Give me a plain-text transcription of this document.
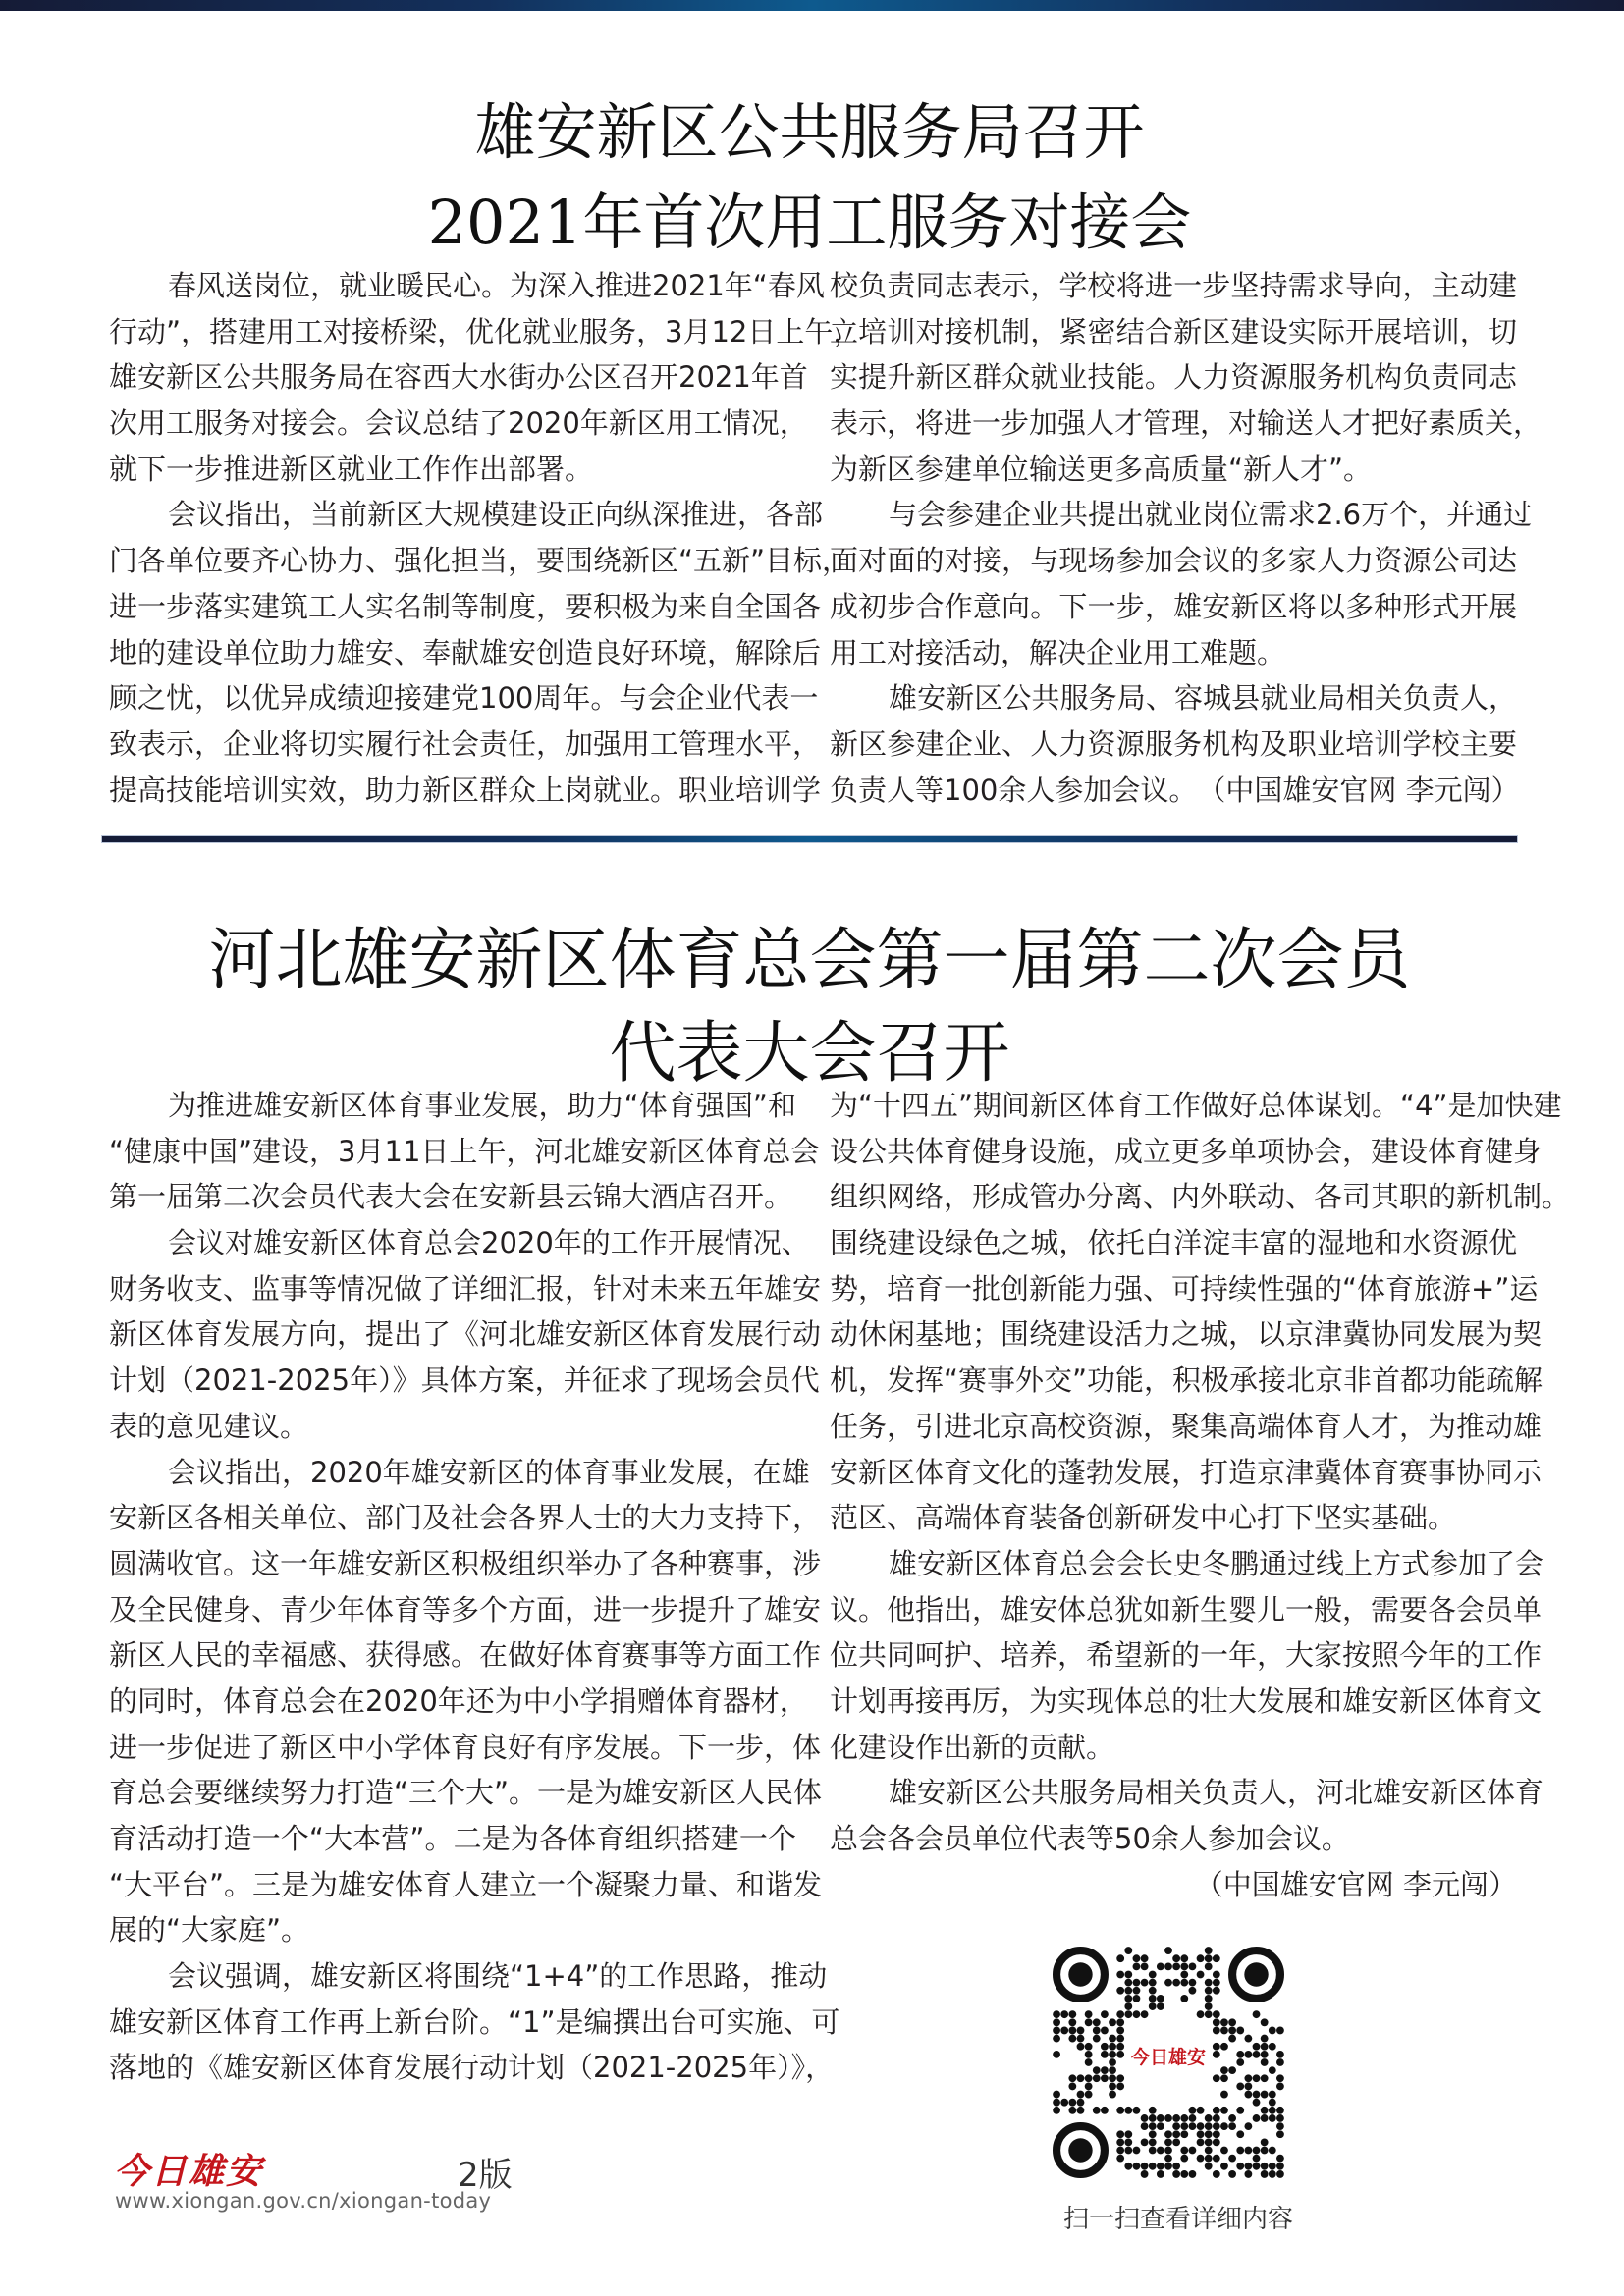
雄安新区公共服务局召开
2021年首次用工服务对接会
春风送岗位，就业暖民心。为深入推进2021年“春风
行动”，搭建用工对接桥梁，优化就业服务，3月12日上午，
雄安新区公共服务局在容西大水街办公区召开2021年首
次用工服务对接会。会议总结了2020年新区用工情况，
就下一步推进新区就业工作作出部署。
会议指出，当前新区大规模建设正向纵深推进，各部
门各单位要齐心协力、强化担当，要围绕新区“五新”目标，
进一步落实建筑工人实名制等制度，要积极为来自全国各
地的建设单位助力雄安、奉献雄安创造良好环境，解除后
顾之忧，以优异成绩迎接建党100周年。与会企业代表一
致表示，企业将切实履行社会责任，加强用工管理水平，
提高技能培训实效，助力新区群众上岗就业。职业培训学
校负责同志表示，学校将进一步坚持需求导向，主动建
立培训对接机制，紧密结合新区建设实际开展培训，切
实提升新区群众就业技能。人力资源服务机构负责同志
表示，将进一步加强人才管理，对输送人才把好素质关，
为新区参建单位输送更多高质量“新人才”。
与会参建企业共提出就业岗位需求2.6万个，并通过
面对面的对接，与现场参加会议的多家人力资源公司达
成初步合作意向。下一步，雄安新区将以多种形式开展
用工对接活动，解决企业用工难题。
雄安新区公共服务局、容城县就业局相关负责人，
新区参建企业、人力资源服务机构及职业培训学校主要
负责人等100余人参加会议。 （中国雄安官网 李元闯）
河北雄安新区体育总会第一届第二次会员
代表大会召开
为推进雄安新区体育事业发展，助力“体育强国”和
“健康中国”建设，3月11日上午，河北雄安新区体育总会
第一届第二次会员代表大会在安新县云锦大酒店召开。
会议对雄安新区体育总会2020年的工作开展情况、
财务收支、监事等情况做了详细汇报，针对未来五年雄安
新区体育发展方向，提出了《河北雄安新区体育发展行动
计划（2021-2025年）》具体方案，并征求了现场会员代
表的意见建议。
会议指出，2020年雄安新区的体育事业发展，在雄
安新区各相关单位、部门及社会各界人士的大力支持下，
圆满收官。这一年雄安新区积极组织举办了各种赛事，涉
及全民健身、青少年体育等多个方面，进一步提升了雄安
新区人民的幸福感、获得感。在做好体育赛事等方面工作
的同时，体育总会在2020年还为中小学捐赠体育器材，
进一步促进了新区中小学体育良好有序发展。下一步，体
育总会要继续努力打造“三个大”。一是为雄安新区人民体
育活动打造一个“大本营”。二是为各体育组织搭建一个
“大平台”。三是为雄安体育人建立一个凝聚力量、和谐发
展的“大家庭”。
会议强调，雄安新区将围绕“1+4”的工作思路，推动
雄安新区体育工作再上新台阶。“1”是编撰出台可实施、可
落地的《雄安新区体育发展行动计划（2021-2025年）》，
为“十四五”期间新区体育工作做好总体谋划。“4”是加快建
设公共体育健身设施，成立更多单项协会，建设体育健身
组织网络，形成管办分离、内外联动、各司其职的新机制。
围绕建设绿色之城，依托白洋淀丰富的湿地和水资源优
势，培育一批创新能力强、可持续性强的“体育旅游+”运
动休闲基地；围绕建设活力之城，以京津冀协同发展为契
机，发挥“赛事外交”功能，积极承接北京非首都功能疏解
任务，引进北京高校资源，聚集高端体育人才，为推动雄
安新区体育文化的蓬勃发展，打造京津冀体育赛事协同示
范区、高端体育装备创新研发中心打下坚实基础。
雄安新区体育总会会长史冬鹏通过线上方式参加了会
议。他指出，雄安体总犹如新生婴儿一般，需要各会员单
位共同呵护、培养，希望新的一年，大家按照今年的工作
计划再接再厉，为实现体总的壮大发展和雄安新区体育文
化建设作出新的贡献。
雄安新区公共服务局相关负责人，河北雄安新区体育
总会各会员单位代表等50余人参加会议。
（中国雄安官网 李元闯）
今日雄安
扫一扫查看详细内容
今日雄安	2版
www.xiongan.gov.cn/xiongan-today
